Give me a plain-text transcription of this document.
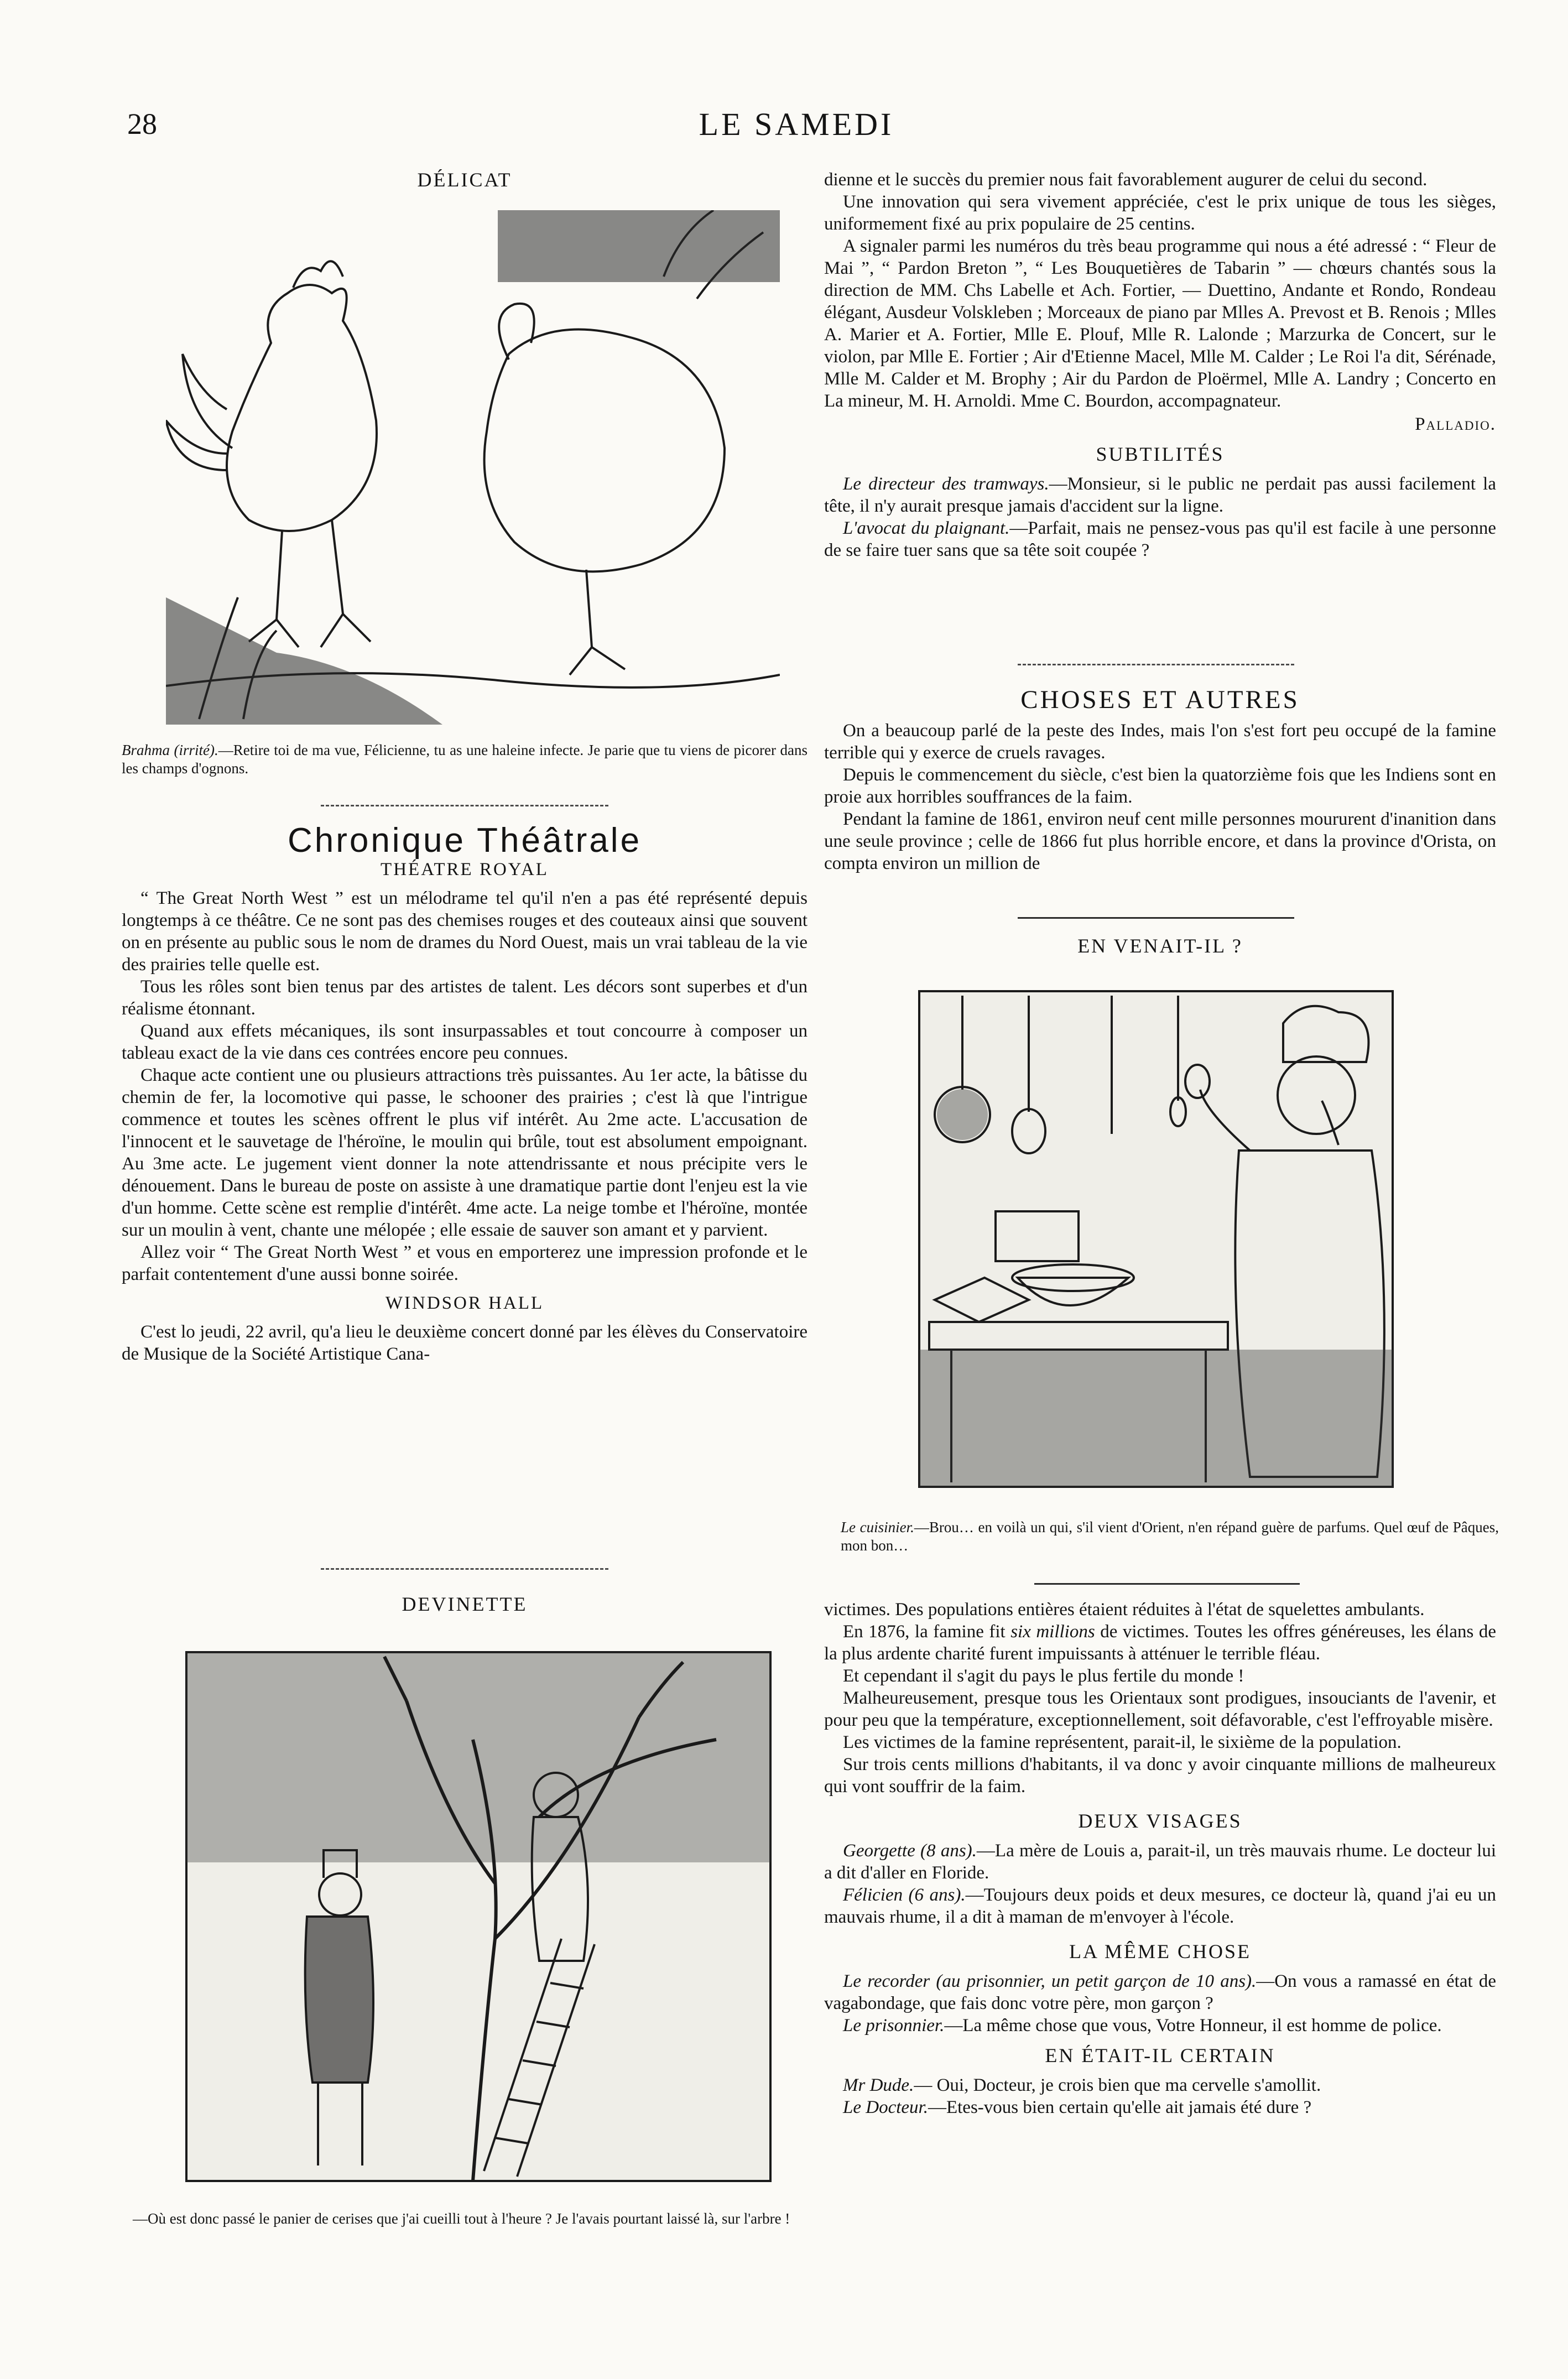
28	LE SAMEDI
DÉLICAT
Brahma (irrité).—Retire toi de ma vue, Félicienne, tu as une haleine infecte. Je parie que tu viens de picorer dans les champs d'ognons.
Chronique Théâtrale
THÉATRE ROYAL

“ The Great North West ” est un mélodrame tel qu'il n'en a pas été représenté depuis longtemps à ce théâtre. Ce ne sont pas des chemises rouges et des couteaux ainsi que souvent on en présente au public sous le nom de drames du Nord Ouest, mais un vrai tableau de la vie des prairies telle quelle est.

Tous les rôles sont bien tenus par des artistes de talent. Les décors sont superbes et d'un réalisme étonnant.

Quand aux effets mécaniques, ils sont insurpassables et tout concourre à composer un tableau exact de la vie dans ces contrées encore peu connues.

Chaque acte contient une ou plusieurs attractions très puissantes. Au 1er acte, la bâtisse du chemin de fer, la locomotive qui passe, le schooner des prairies ; c'est là que l'intrigue commence et toutes les scènes offrent le plus vif intérêt. Au 2me acte. L'accusation de l'innocent et le sauvetage de l'héroïne, le moulin qui brûle, tout est absolument empoignant. Au 3me acte. Le jugement vient donner la note attendrissante et nous précipite vers le dénouement. Dans le bureau de poste on assiste à une dramatique partie dont l'enjeu est la vie d'un homme. Cette scène est remplie d'intérêt. 4me acte. La neige tombe et l'héroïne, montée sur un moulin à vent, chante une mélopée ; elle essaie de sauver son amant et y parvient.

Allez voir “ The Great North West ” et vous en emporterez une impression profonde et le parfait contentement d'une aussi bonne soirée.

WINDSOR HALL

C'est lo jeudi, 22 avril, qu'a lieu le deuxième concert donné par les élèves du Conservatoire de Musique de la Société Artistique Cana-

DEVINETTE
—Où est donc passé le panier de cerises que j'ai cueilli tout à l'heure ? Je l'avais pourtant laissé là, sur l'arbre !

dienne et le succès du premier nous fait favorablement augurer de celui du second.

Une innovation qui sera vivement appréciée, c'est le prix unique de tous les sièges, uniformement fixé au prix populaire de 25 centins.

A signaler parmi les numéros du très beau programme qui nous a été adressé : “ Fleur de Mai ”, “ Pardon Breton ”, “ Les Bouquetières de Tabarin ” — chœurs chantés sous la direction de MM. Chs Labelle et Ach. Fortier, — Duettino, Andante et Rondo, Rondeau élégant, Ausdeur Volskleben ; Morceaux de piano par Mlles A. Prevost et B. Renois ; Mlles A. Marier et A. Fortier, Mlle E. Plouf, Mlle R. Lalonde ; Marzurka de Concert, sur le violon, par Mlle E. Fortier ; Air d'Etienne Macel, Mlle M. Calder ; Le Roi l'a dit, Sérénade, Mlle M. Calder et M. Brophy ; Air du Pardon de Ploërmel, Mlle A. Landry ; Concerto en La mineur, M. H. Arnoldi. Mme C. Bourdon, accompagnateur.

Palladio.

SUBTILITÉS

Le directeur des tramways.—Monsieur, si le public ne perdait pas aussi facilement la tête, il n'y aurait presque jamais d'accident sur la ligne.

L'avocat du plaignant.—Parfait, mais ne pensez-vous pas qu'il est facile à une personne de se faire tuer sans que sa tête soit coupée ?

CHOSES ET AUTRES

On a beaucoup parlé de la peste des Indes, mais l'on s'est fort peu occupé de la famine terrible qui y exerce de cruels ravages.

Depuis le commencement du siècle, c'est bien la quatorzième fois que les Indiens sont en proie aux horribles souffrances de la faim.

Pendant la famine de 1861, environ neuf cent mille personnes moururent d'inanition dans une seule province ; celle de 1866 fut plus horrible encore, et dans la province d'Orista, on compta environ un million de

EN VENAIT-IL ?
Le cuisinier.—Brou… en voilà un qui, s'il vient d'Orient, n'en répand guère de parfums. Quel œuf de Pâques, mon bon…

victimes. Des populations entières étaient réduites à l'état de squelettes ambulants.

En 1876, la famine fit six millions de victimes. Toutes les offres généreuses, les élans de la plus ardente charité furent impuissants à atténuer le terrible fléau.

Et cependant il s'agit du pays le plus fertile du monde !

Malheureusement, presque tous les Orientaux sont prodigues, insouciants de l'avenir, et pour peu que la température, exceptionnellement, soit défavorable, c'est l'effroyable misère.

Les victimes de la famine représentent, parait-il, le sixième de la population.

Sur trois cents millions d'habitants, il va donc y avoir cinquante millions de malheureux qui vont souffrir de la faim.

DEUX VISAGES

Georgette (8 ans).—La mère de Louis a, parait-il, un très mauvais rhume. Le docteur lui a dit d'aller en Floride.

Félicien (6 ans).—Toujours deux poids et deux mesures, ce docteur là, quand j'ai eu un mauvais rhume, il a dit à maman de m'envoyer à l'école.

LA MÊME CHOSE

Le recorder (au prisonnier, un petit garçon de 10 ans).—On vous a ramassé en état de vagabondage, que fais donc votre père, mon garçon ?

Le prisonnier.—La même chose que vous, Votre Honneur, il est homme de police.

EN ÉTAIT-IL CERTAIN

Mr Dude.— Oui, Docteur, je crois bien que ma cervelle s'amollit.

Le Docteur.—Etes-vous bien certain qu'elle ait jamais été dure ?
